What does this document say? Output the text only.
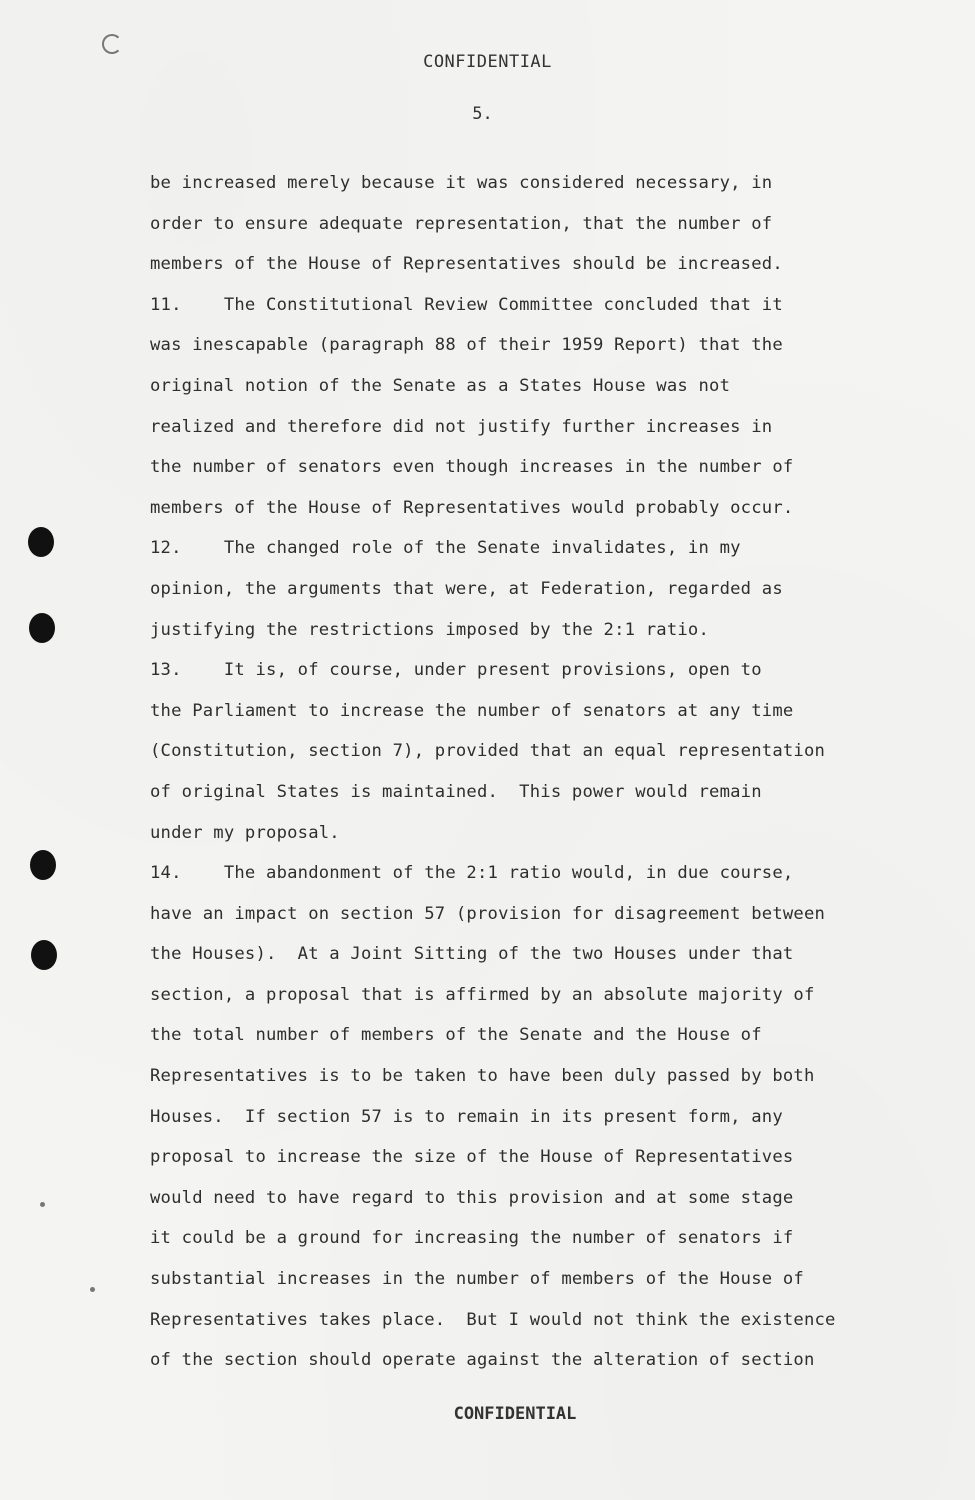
CONFIDENTIAL
5.
be increased merely because it was considered necessary, in
order to ensure adequate representation, that the number of
members of the House of Representatives should be increased.
11.    The Constitutional Review Committee concluded that it
was inescapable (paragraph 88 of their 1959 Report) that the
original notion of the Senate as a States House was not
realized and therefore did not justify further increases in
the number of senators even though increases in the number of
members of the House of Representatives would probably occur.
12.    The changed role of the Senate invalidates, in my
opinion, the arguments that were, at Federation, regarded as
justifying the restrictions imposed by the 2:1 ratio.
13.    It is, of course, under present provisions, open to
the Parliament to increase the number of senators at any time
(Constitution, section 7), provided that an equal representation
of original States is maintained.  This power would remain
under my proposal.
14.    The abandonment of the 2:1 ratio would, in due course,
have an impact on section 57 (provision for disagreement between
the Houses).  At a Joint Sitting of the two Houses under that
section, a proposal that is affirmed by an absolute majority of
the total number of members of the Senate and the House of
Representatives is to be taken to have been duly passed by both
Houses.  If section 57 is to remain in its present form, any
proposal to increase the size of the House of Representatives
would need to have regard to this provision and at some stage
it could be a ground for increasing the number of senators if
substantial increases in the number of members of the House of
Representatives takes place.  But I would not think the existence
of the section should operate against the alteration of section
CONFIDENTIAL
